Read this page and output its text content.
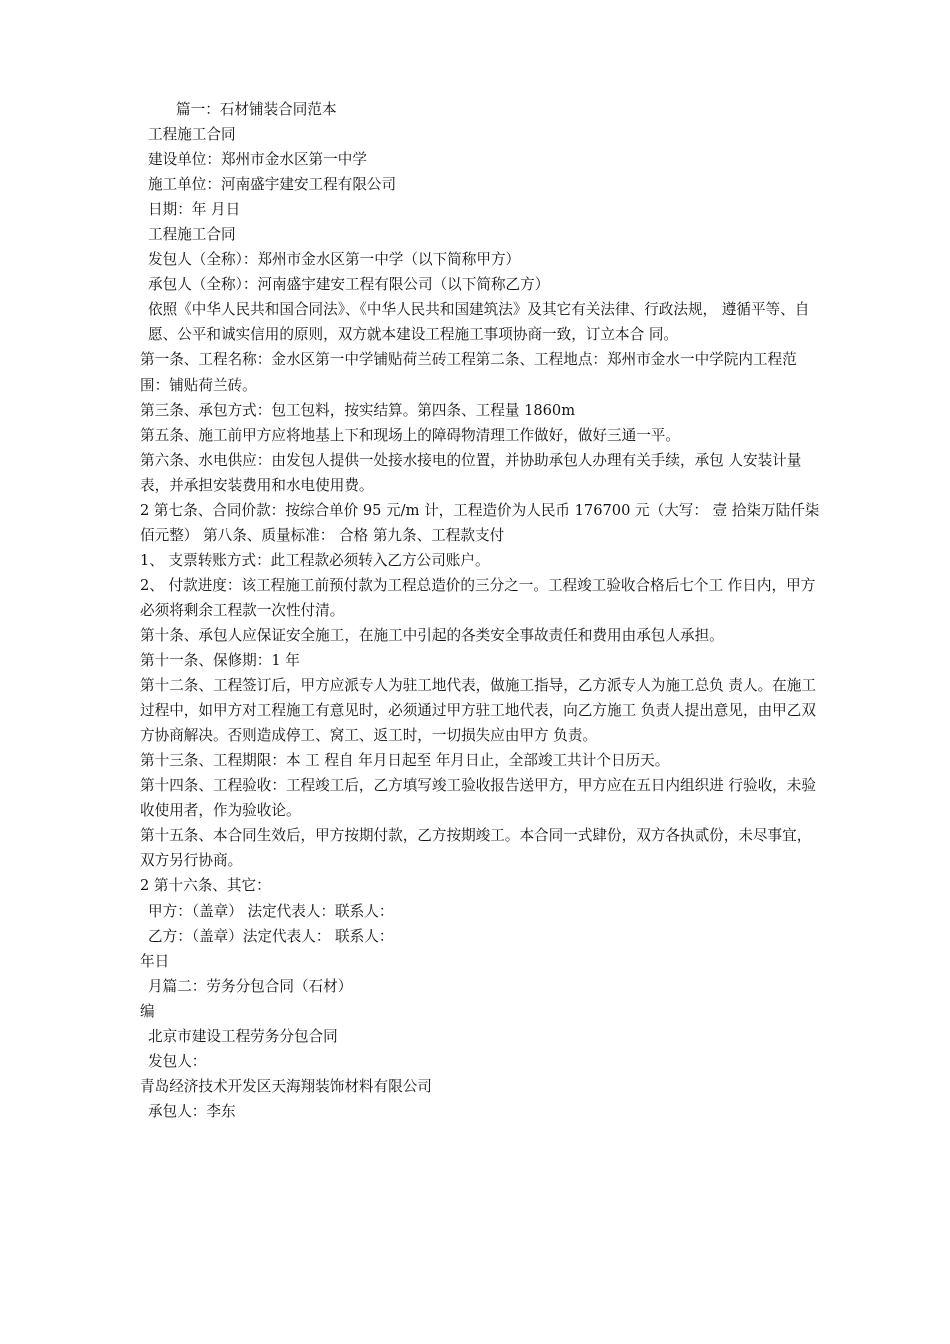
篇一：石材铺装合同范本

工程施工合同

建设单位：郑州市金水区第一中学

施工单位：河南盛宇建安工程有限公司

日期：年 月日

工程施工合同

发包人（全称）：郑州市金水区第一中学（以下简称甲方）

承包人（全称）：河南盛宇建安工程有限公司（以下简称乙方）

依照《中华人民共和国合同法》、《中华人民共和国建筑法》及其它有关法律、行政法规， 遵循平等、自愿、公平和诚实信用的原则，双方就本建设工程施工事项协商一致，订立本合 同。

第一条、工程名称：金水区第一中学铺贴荷兰砖工程第二条、工程地点：郑州市金水一中学院内工程范围：铺贴荷兰砖。

第三条、承包方式：包工包料，按实结算。第四条、工程量 1860m

第五条、施工前甲方应将地基上下和现场上的障碍物清理工作做好，做好三通一平。

第六条、水电供应：由发包人提供一处接水接电的位置，并协助承包人办理有关手续，承包 人安装计量表，并承担安装费用和水电使用费。

2 第七条、合同价款：按综合单价 95 元/m 计，工程造价为人民币 176700 元（大写： 壹 拾柒万陆仟柒佰元整） 第八条、质量标准： 合格 第九条、工程款支付

1、 支票转账方式：此工程款必须转入乙方公司账户。

2、 付款进度：该工程施工前预付款为工程总造价的三分之一。工程竣工验收合格后七个工 作日内，甲方必须将剩余工程款一次性付清。

第十条、承包人应保证安全施工，在施工中引起的各类安全事故责任和费用由承包人承担。

第十一条、保修期：1 年

第十二条、工程签订后，甲方应派专人为驻工地代表，做施工指导，乙方派专人为施工总负 责人。在施工过程中，如甲方对工程施工有意见时，必须通过甲方驻工地代表，向乙方施工 负责人提出意见，由甲乙双方协商解决。否则造成停工、窝工、返工时，一切损失应由甲方 负责。

第十三条、工程期限：本 工 程自 年月日起至 年月日止，全部竣工共计个日历天。

第十四条、工程验收：工程竣工后，乙方填写竣工验收报告送甲方，甲方应在五日内组织进 行验收，未验收使用者，作为验收论。

第十五条、本合同生效后，甲方按期付款，乙方按期竣工。本合同一式肆份，双方各执贰份，未尽事宜，双方另行协商。

2 第十六条、其它：

甲方：（盖章） 法定代表人：联系人：

乙方：（盖章）法定代表人： 联系人：

年日

月篇二：劳务分包合同（石材）

编

北京市建设工程劳务分包合同

发包人：

青岛经济技术开发区天海翔装饰材料有限公司

承包人：李东
